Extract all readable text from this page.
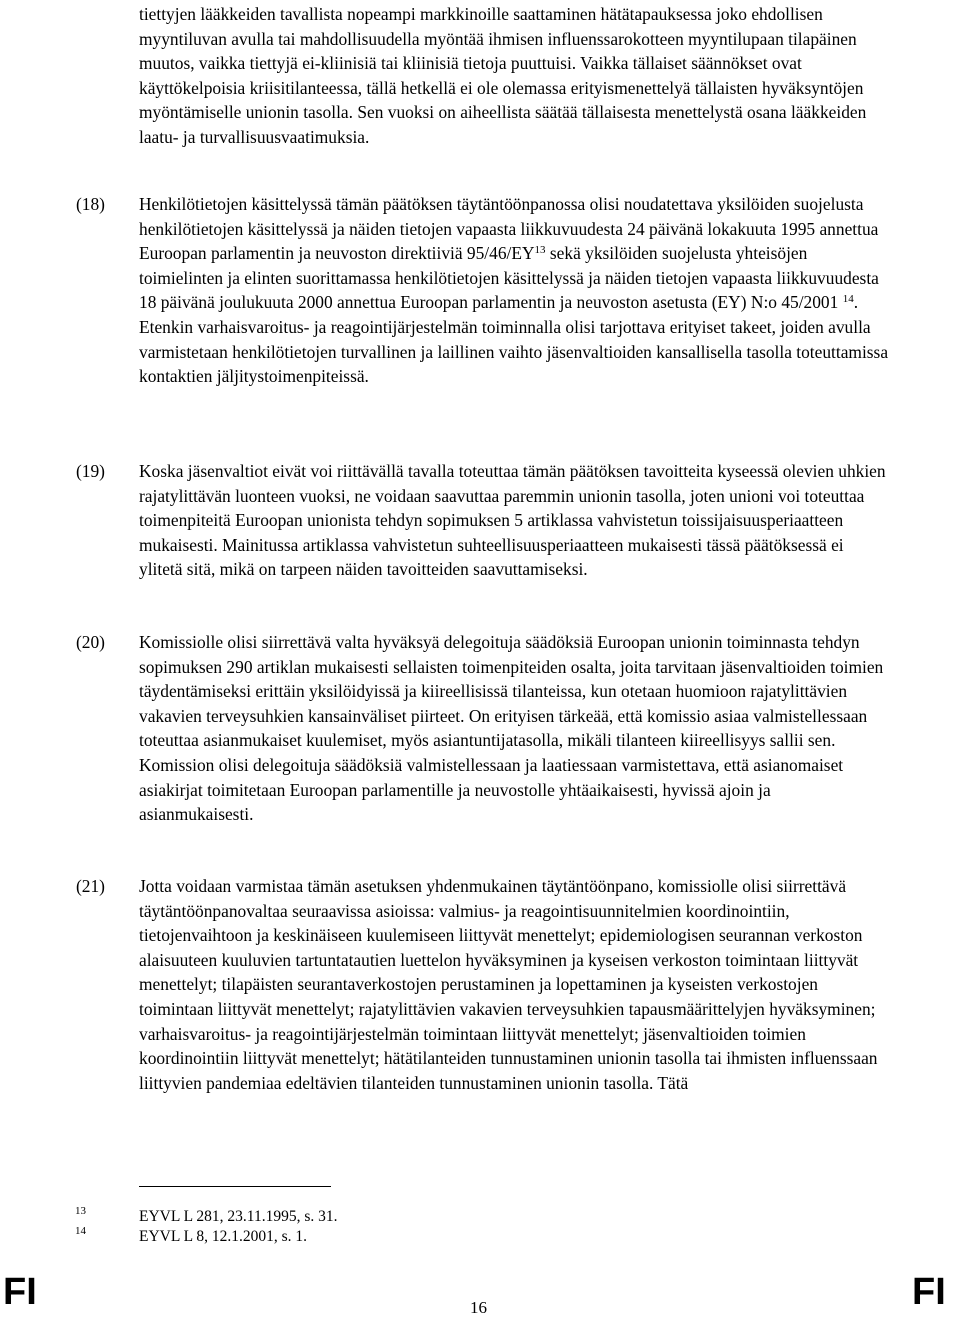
tiettyjen lääkkeiden tavallista nopeampi markkinoille saattaminen hätätapauksessa joko ehdollisen myyntiluvan avulla tai mahdollisuudella myöntää ihmisen influenssarokotteen myyntilupaan tilapäinen muutos, vaikka tiettyjä ei-kliinisiä tai kliinisiä tietoja puuttuisi. Vaikka tällaiset säännökset ovat käyttökelpoisia kriisitilanteessa, tällä hetkellä ei ole olemassa erityismenettelyä tällaisten hyväksyntöjen myöntämiselle unionin tasolla. Sen vuoksi on aiheellista säätää tällaisesta menettelystä osana lääkkeiden laatu- ja turvallisuusvaatimuksia.
(18) Henkilötietojen käsittelyssä tämän päätöksen täytäntöönpanossa olisi noudatettava yksilöiden suojelusta henkilötietojen käsittelyssä ja näiden tietojen vapaasta liikkuvuudesta 24 päivänä lokakuuta 1995 annettua Euroopan parlamentin ja neuvoston direktiiviä 95/46/EY$^{13}$ sekä yksilöiden suojelusta yhteisöjen toimielinten ja elinten suorittamassa henkilötietojen käsittelyssä ja näiden tietojen vapaasta liikkuvuudesta 18 päivänä joulukuuta 2000 annettua Euroopan parlamentin ja neuvoston asetusta (EY) N:o 45/2001 $^{14}$. Etenkin varhaisvaroitus- ja reagointijärjestelmän toiminnalla olisi tarjottava erityiset takeet, joiden avulla varmistetaan henkilötietojen turvallinen ja laillinen vaihto jäsenvaltioiden kansallisella tasolla toteuttamissa kontaktien jäljitystoimenpiteissä.
(19) Koska jäsenvaltiot eivät voi riittävällä tavalla toteuttaa tämän päätöksen tavoitteita kyseessä olevien uhkien rajatylittävän luonteen vuoksi, ne voidaan saavuttaa paremmin unionin tasolla, joten unioni voi toteuttaa toimenpiteitä Euroopan unionista tehdyn sopimuksen 5 artiklassa vahvistetun toissijaisuusperiaatteen mukaisesti. Mainitussa artiklassa vahvistetun suhteellisuusperiaatteen mukaisesti tässä päätöksessä ei ylitetä sitä, mikä on tarpeen näiden tavoitteiden saavuttamiseksi.
(20) Komissiolle olisi siirrettävä valta hyväksyä delegoituja säädöksiä Euroopan unionin toiminnasta tehdyn sopimuksen 290 artiklan mukaisesti sellaisten toimenpiteiden osalta, joita tarvitaan jäsenvaltioiden toimien täydentämiseksi erittäin yksilöidyissä ja kiireellisissä tilanteissa, kun otetaan huomioon rajatylittävien vakavien terveysuhkien kansainväliset piirteet. On erityisen tärkeää, että komissio asiaa valmistellessaan toteuttaa asianmukaiset kuulemiset, myös asiantuntijatasolla, mikäli tilanteen kiireellisyys sallii sen. Komission olisi delegoituja säädöksiä valmistellessaan ja laatiessaan varmistettava, että asianomaiset asiakirjat toimitetaan Euroopan parlamentille ja neuvostolle yhtäaikaisesti, hyvissä ajoin ja asianmukaisesti.
(21) Jotta voidaan varmistaa tämän asetuksen yhdenmukainen täytäntöönpano, komissiolle olisi siirrettävä täytäntöönpanovaltaa seuraavissa asioissa: valmius- ja reagointisuunnitelmien koordinointiin, tietojenvaihtoon ja keskinäiseen kuulemiseen liittyvät menettelyt; epidemiologisen seurannan verkoston alaisuuteen kuuluvien tartuntatautien luettelon hyväksyminen ja kyseisen verkoston toimintaan liittyvät menettelyt; tilapäisten seurantaverkostojen perustaminen ja lopettaminen ja kyseisten verkostojen toimintaan liittyvät menettelyt; rajatylittävien vakavien terveysuhkien tapausmäärittelyjen hyväksyminen; varhaisvaroitus- ja reagointijärjestelmän toimintaan liittyvät menettelyt; jäsenvaltioiden toimien koordinointiin liittyvät menettelyt; hätätilanteiden tunnustaminen unionin tasolla tai ihmisten influenssaan liittyvien pandemiaa edeltävien tilanteiden tunnustaminen unionin tasolla. Tätä
13	EYVL L 281, 23.11.1995, s. 31.
14	EYVL L 8, 12.1.2001, s. 1.
FI	16	FI
